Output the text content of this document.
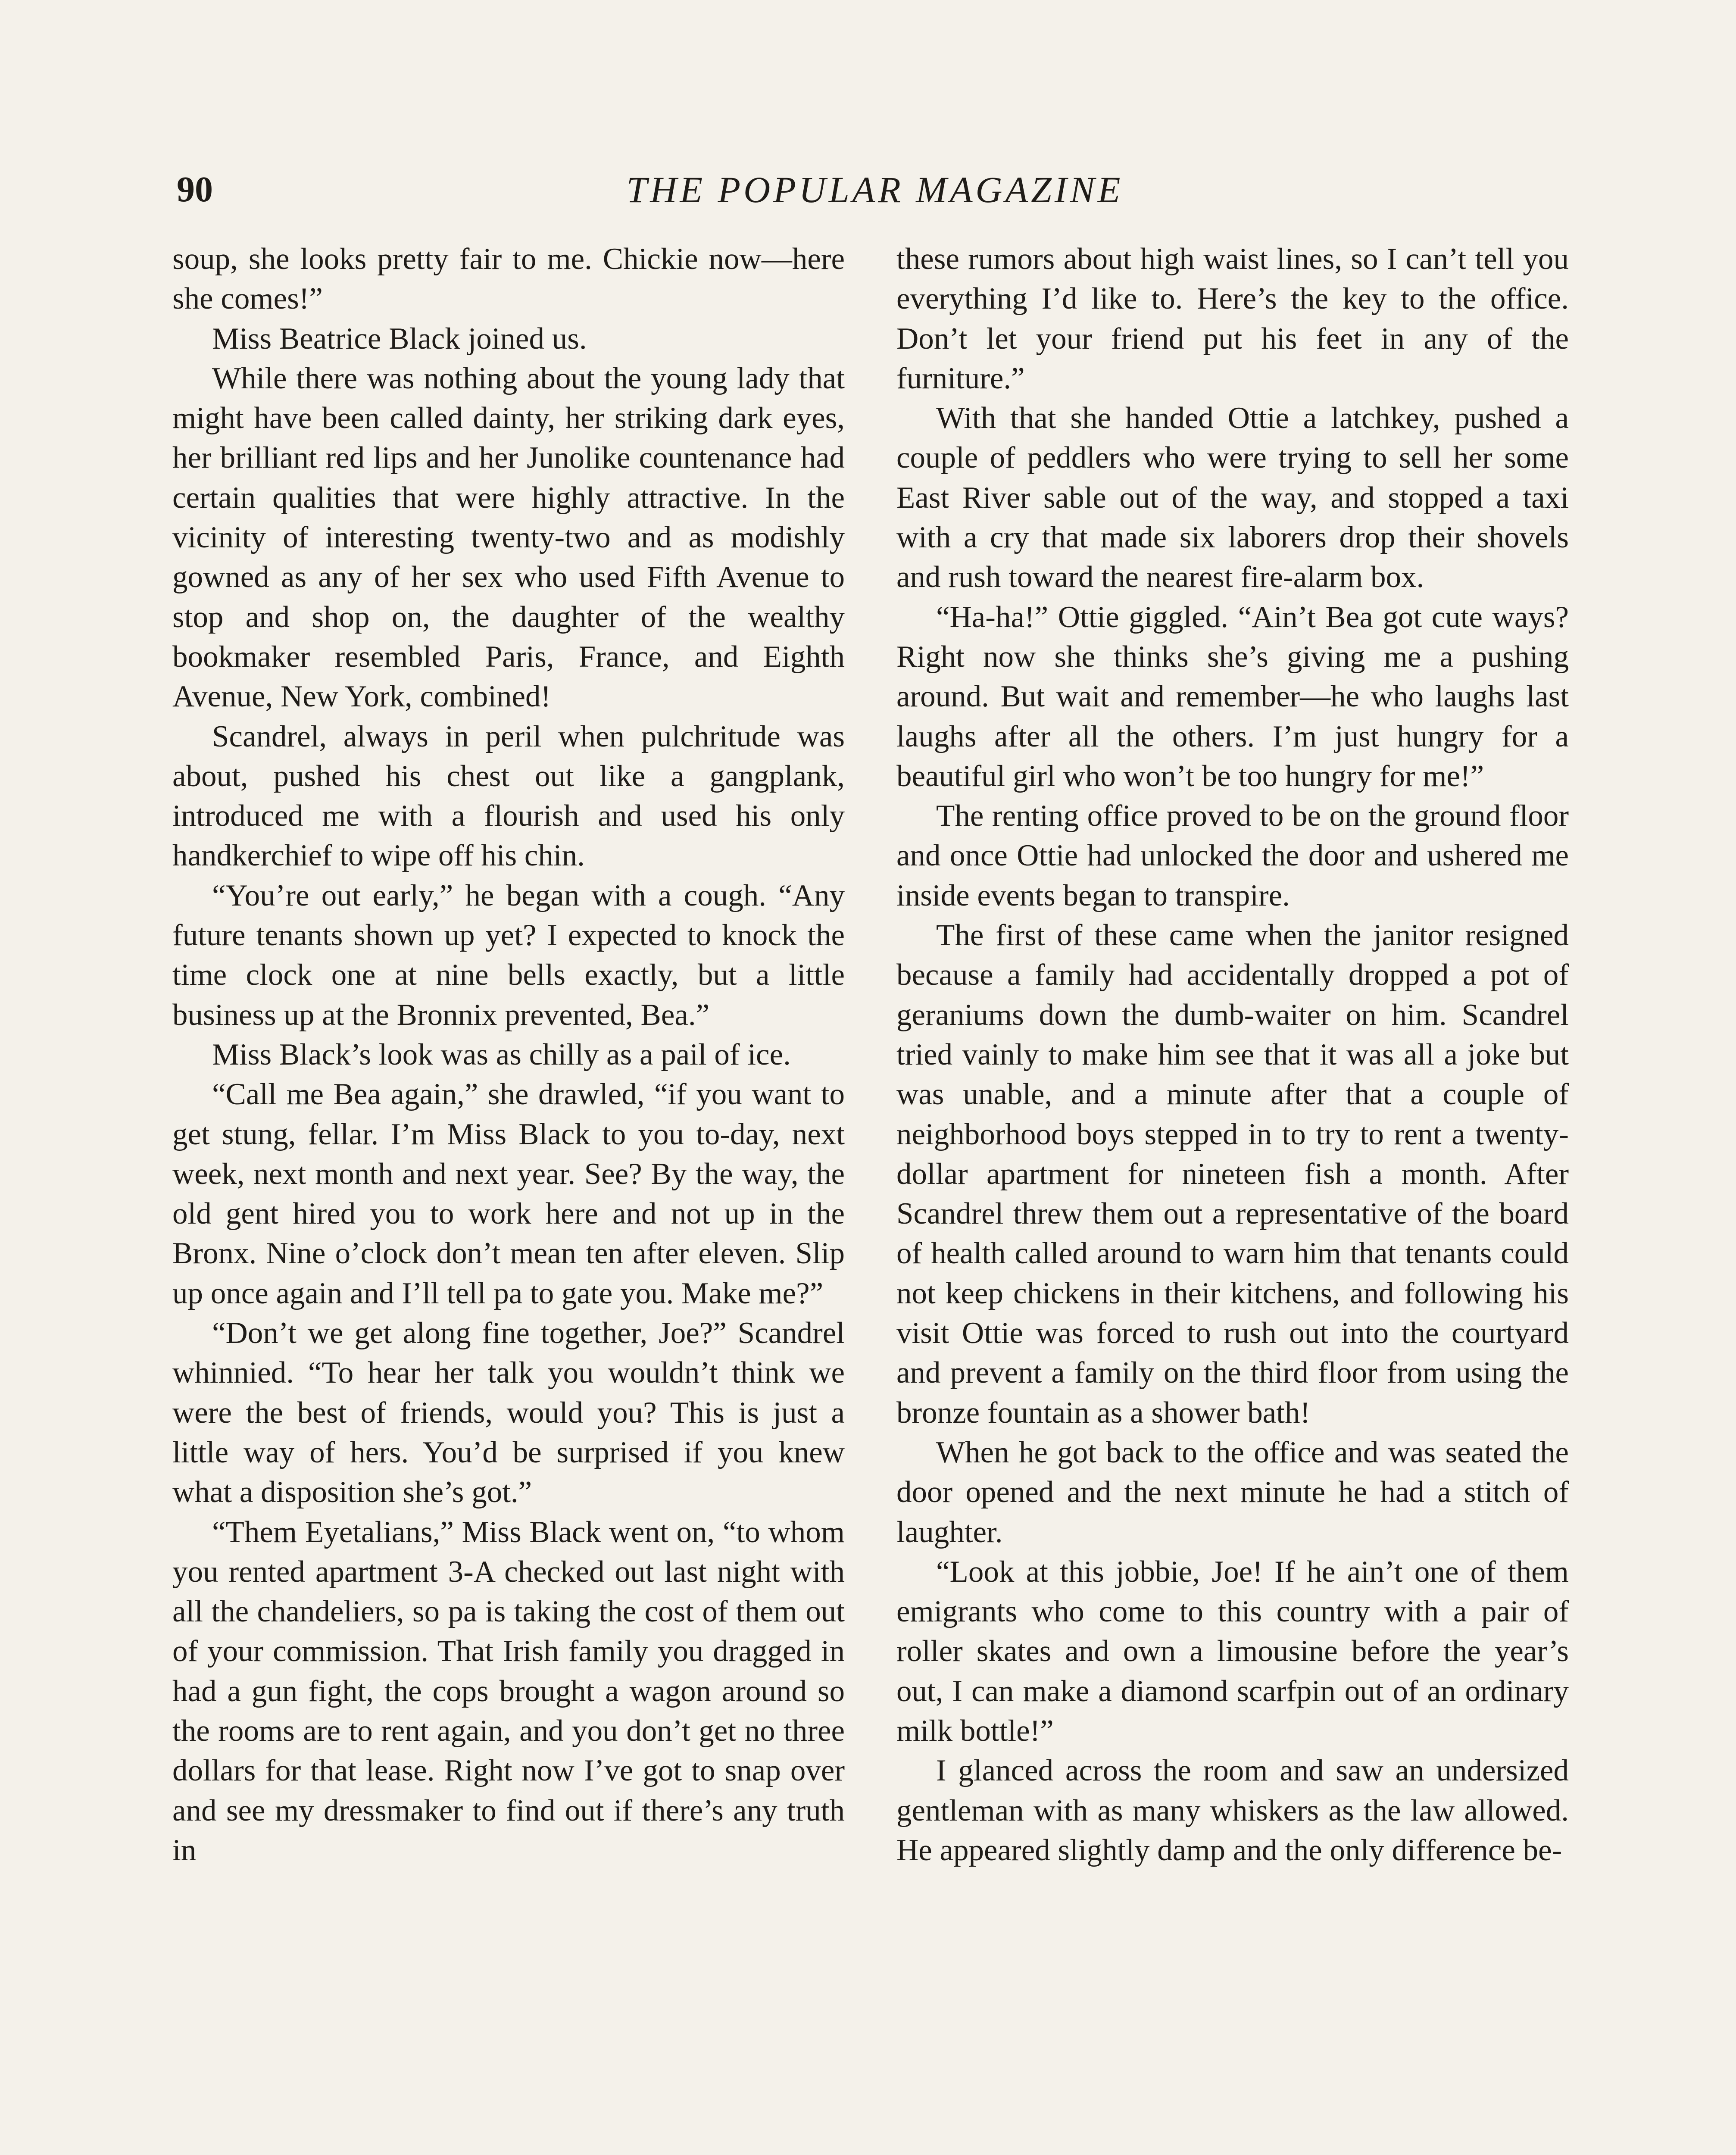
90	THE POPULAR MAGAZINE

soup, she looks pretty fair to me. Chickie now—here she comes!”

Miss Beatrice Black joined us.

While there was nothing about the young lady that might have been called dainty, her striking dark eyes, her brilliant red lips and her Junolike countenance had certain qualities that were highly attractive. In the vicinity of interesting twenty-two and as modishly gowned as any of her sex who used Fifth Avenue to stop and shop on, the daughter of the wealthy bookmaker resembled Paris, France, and Eighth Avenue, New York, combined!

Scandrel, always in peril when pulchritude was about, pushed his chest out like a gangplank, introduced me with a flourish and used his only handkerchief to wipe off his chin.

“You’re out early,” he began with a cough. “Any future tenants shown up yet? I expected to knock the time clock one at nine bells exactly, but a little business up at the Bronnix prevented, Bea.”

Miss Black’s look was as chilly as a pail of ice.

“Call me Bea again,” she drawled, “if you want to get stung, fellar. I’m Miss Black to you to-day, next week, next month and next year. See? By the way, the old gent hired you to work here and not up in the Bronx. Nine o’clock don’t mean ten after eleven. Slip up once again and I’ll tell pa to gate you. Make me?”

“Don’t we get along fine together, Joe?” Scandrel whinnied. “To hear her talk you wouldn’t think we were the best of friends, would you? This is just a little way of hers. You’d be surprised if you knew what a disposition she’s got.”

“Them Eyetalians,” Miss Black went on, “to whom you rented apartment 3-A checked out last night with all the chandeliers, so pa is taking the cost of them out of your commission. That Irish family you dragged in had a gun fight, the cops brought a wagon around so the rooms are to rent again, and you don’t get no three dollars for that lease. Right now I’ve got to snap over and see my dressmaker to find out if there’s any truth in

these rumors about high waist lines, so I can’t tell you everything I’d like to. Here’s the key to the office. Don’t let your friend put his feet in any of the furniture.”

With that she handed Ottie a latchkey, pushed a couple of peddlers who were trying to sell her some East River sable out of the way, and stopped a taxi with a cry that made six laborers drop their shovels and rush toward the nearest fire-alarm box.

“Ha-ha!” Ottie giggled. “Ain’t Bea got cute ways? Right now she thinks she’s giving me a pushing around. But wait and remember—he who laughs last laughs after all the others. I’m just hungry for a beautiful girl who won’t be too hungry for me!”

The renting office proved to be on the ground floor and once Ottie had unlocked the door and ushered me inside events began to transpire.

The first of these came when the janitor resigned because a family had accidentally dropped a pot of geraniums down the dumb-waiter on him. Scandrel tried vainly to make him see that it was all a joke but was unable, and a minute after that a couple of neighborhood boys stepped in to try to rent a twenty-dollar apartment for nineteen fish a month. After Scandrel threw them out a representative of the board of health called around to warn him that tenants could not keep chickens in their kitchens, and following his visit Ottie was forced to rush out into the courtyard and prevent a family on the third floor from using the bronze fountain as a shower bath!

When he got back to the office and was seated the door opened and the next minute he had a stitch of laughter.

“Look at this jobbie, Joe! If he ain’t one of them emigrants who come to this country with a pair of roller skates and own a limousine before the year’s out, I can make a diamond scarfpin out of an ordinary milk bottle!”

I glanced across the room and saw an undersized gentleman with as many whiskers as the law allowed. He appeared slightly damp and the only difference be-
